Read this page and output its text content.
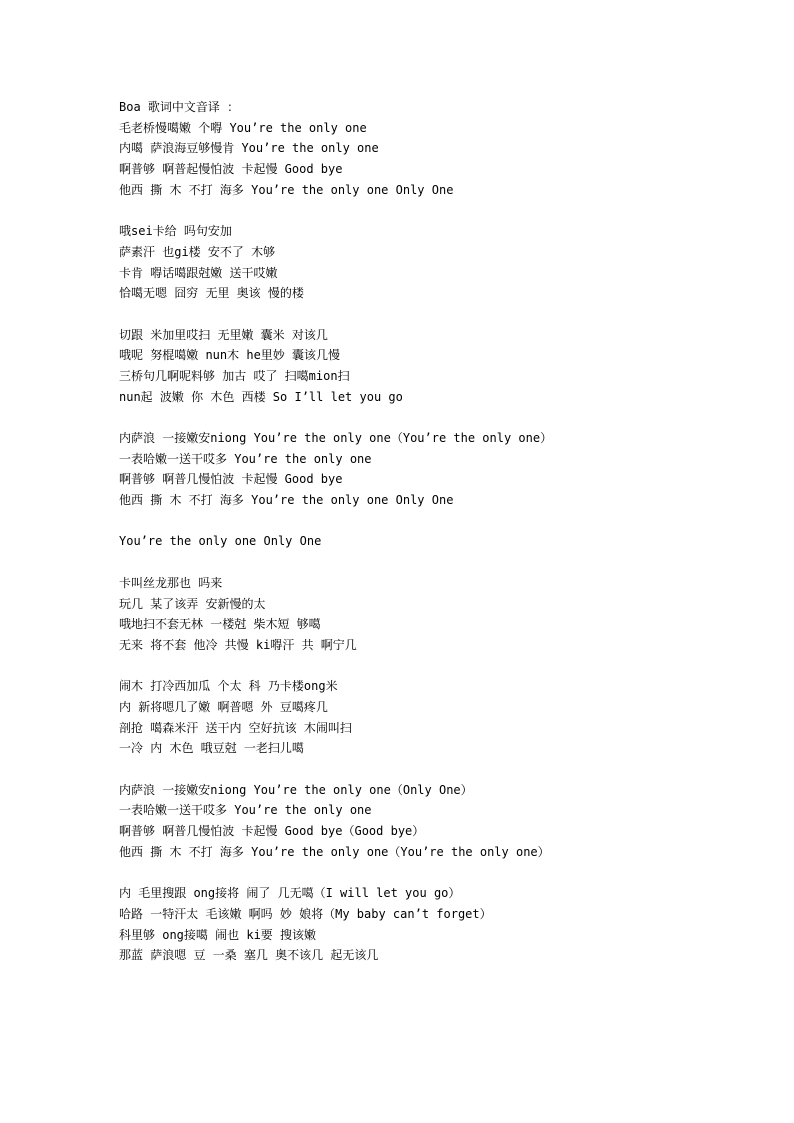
Boa 歌词中文音译 ：
毛老桥慢噶嫩 个嘚 You’re the only one
内噶 萨浪海豆够慢肯 You’re the only one
啊普够 啊普起慢怕波 卡起慢 Good bye
他西 撕 木 不打 海多 You’re the only one Only One
哦sei卡给 吗句安加
萨素汗 也gi楼 安不了 木够
卡肯 嘚话噶跟尅嫩 送干哎嫩
恰噶无嗯 囧穷 无里 奥该 慢的楼
切跟 米加里哎扫 无里嫩 囊米 对该几
哦呢 努棍噶嫩 nun木 he里妙 囊该几慢
三桥句几啊呢料够 加古 哎了 扫噶mion扫
nun起 波嫩 你 木色 西楼 So I’ll let you go
内萨浪 一接嫩安niong You’re the only one（You’re the only one）
一表哈嫩一送干哎多 You’re the only one
啊普够 啊普几慢怕波 卡起慢 Good bye
他西 撕 木 不打 海多 You’re the only one Only One
You’re the only one Only One
卡叫丝龙那也 吗来
玩几 某了该弄 安新慢的太
哦地扫不套无林 一楼尅 柴木短 够噶
无来 将不套 他冷 共慢 ki嘚汗 共 啊宁几
闹木 打冷西加瓜 个太 科 乃卡楼ong米
内 新将嗯几了嫩 啊普嗯 外 豆噶疼几
剖抢 噶森米汗 送干内 空好抗该 木闹叫扫
一冷 内 木色 哦豆尅 一老扫儿噶
内萨浪 一接嫩安niong You’re the only one（Only One）
一表哈嫩一送干哎多 You’re the only one
啊普够 啊普几慢怕波 卡起慢 Good bye（Good bye）
他西 撕 木 不打 海多 You’re the only one（You’re the only one）
内 毛里搜跟 ong接将 闹了 几无噶（I will let you go）
哈路 一特汗太 毛该嫩 啊吗 妙 娘将（My baby can’t forget）
科里够 ong接噶 闹也 ki要 搜该嫩
那蓝 萨浪嗯 豆 一桑 塞几 奥不该几 起无该几
